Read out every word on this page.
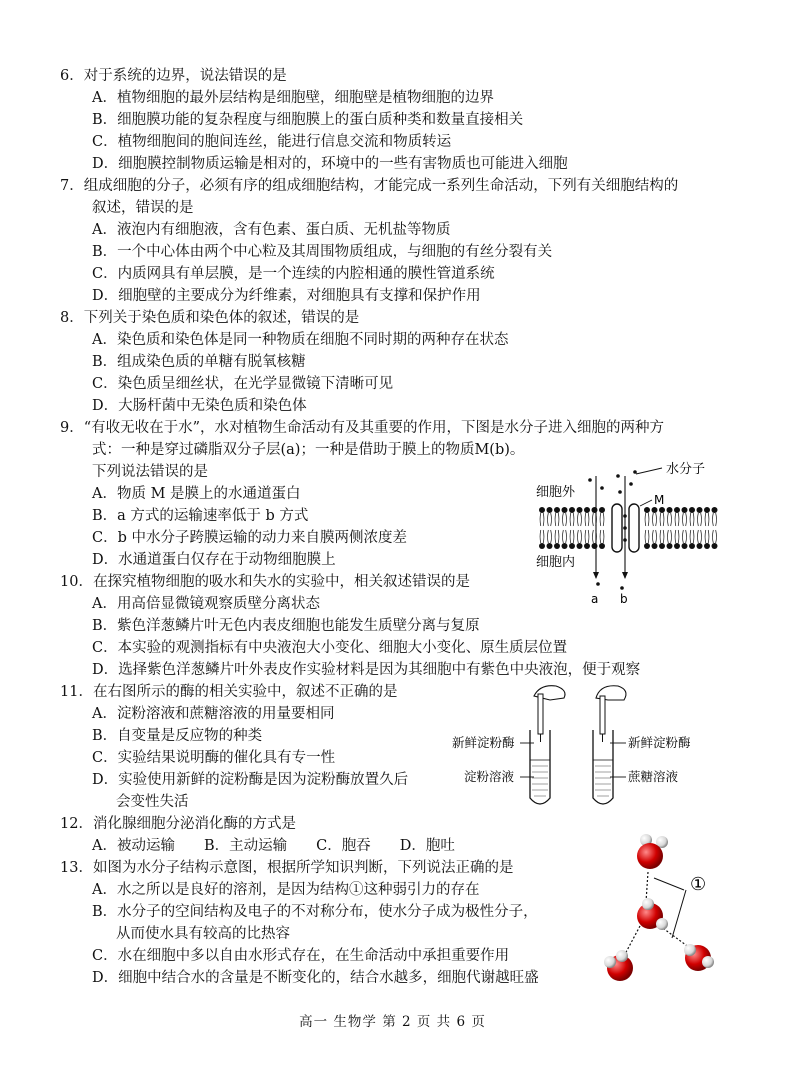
6．对于系统的边界，说法错误的是
A．植物细胞的最外层结构是细胞壁，细胞壁是植物细胞的边界
B．细胞膜功能的复杂程度与细胞膜上的蛋白质种类和数量直接相关
C．植物细胞间的胞间连丝，能进行信息交流和物质转运
D．细胞膜控制物质运输是相对的，环境中的一些有害物质也可能进入细胞
7．组成细胞的分子，必须有序的组成细胞结构，才能完成一系列生命活动，下列有关细胞结构的
叙述，错误的是
A．液泡内有细胞液，含有色素、蛋白质、无机盐等物质
B．一个中心体由两个中心粒及其周围物质组成，与细胞的有丝分裂有关
C．内质网具有单层膜，是一个连续的内腔相通的膜性管道系统
D．细胞壁的主要成分为纤维素，对细胞具有支撑和保护作用
8．下列关于染色质和染色体的叙述，错误的是
A．染色质和染色体是同一种物质在细胞不同时期的两种存在状态
B．组成染色质的单糖有脱氧核糖
C．染色质呈细丝状，在光学显微镜下清晰可见
D．大肠杆菌中无染色质和染色体
9．“有收无收在于水”，水对植物生命活动有及其重要的作用，下图是水分子进入细胞的两种方
式：一种是穿过磷脂双分子层(a)；一种是借助于膜上的物质M(b)。
下列说法错误的是
A．物质 M 是膜上的水通道蛋白
B．a 方式的运输速率低于 b 方式
C．b 中水分子跨膜运输的动力来自膜两侧浓度差
D．水通道蛋白仅存在于动物细胞膜上
水分子
细胞外
细胞内
M
a b
10．在探究植物细胞的吸水和失水的实验中，相关叙述错误的是
A．用高倍显微镜观察质壁分离状态
B．紫色洋葱鳞片叶无色内表皮细胞也能发生质壁分离与复原
C．本实验的观测指标有中央液泡大小变化、细胞大小变化、原生质层位置
D．选择紫色洋葱鳞片叶外表皮作实验材料是因为其细胞中有紫色中央液泡，便于观察
11．在右图所示的酶的相关实验中，叙述不正确的是
A．淀粉溶液和蔗糖溶液的用量要相同
B．自变量是反应物的种类
C．实验结果说明酶的催化具有专一性
D．实验使用新鲜的淀粉酶是因为淀粉酶放置久后
会变性失活
新鲜淀粉酶
淀粉溶液
新鲜淀粉酶
蔗糖溶液
12．消化腺细胞分泌消化酶的方式是
A．被动运输　　B．主动运输　　C．胞吞　　D．胞吐
13．如图为水分子结构示意图，根据所学知识判断，下列说法正确的是
A．水之所以是良好的溶剂，是因为结构①这种弱引力的存在
B．水分子的空间结构及电子的不对称分布，使水分子成为极性分子，
从而使水具有较高的比热容
C．水在细胞中多以自由水形式存在，在生命活动中承担重要作用
D．细胞中结合水的含量是不断变化的，结合水越多，细胞代谢越旺盛
①
高一 生物学 第 2 页 共 6 页
